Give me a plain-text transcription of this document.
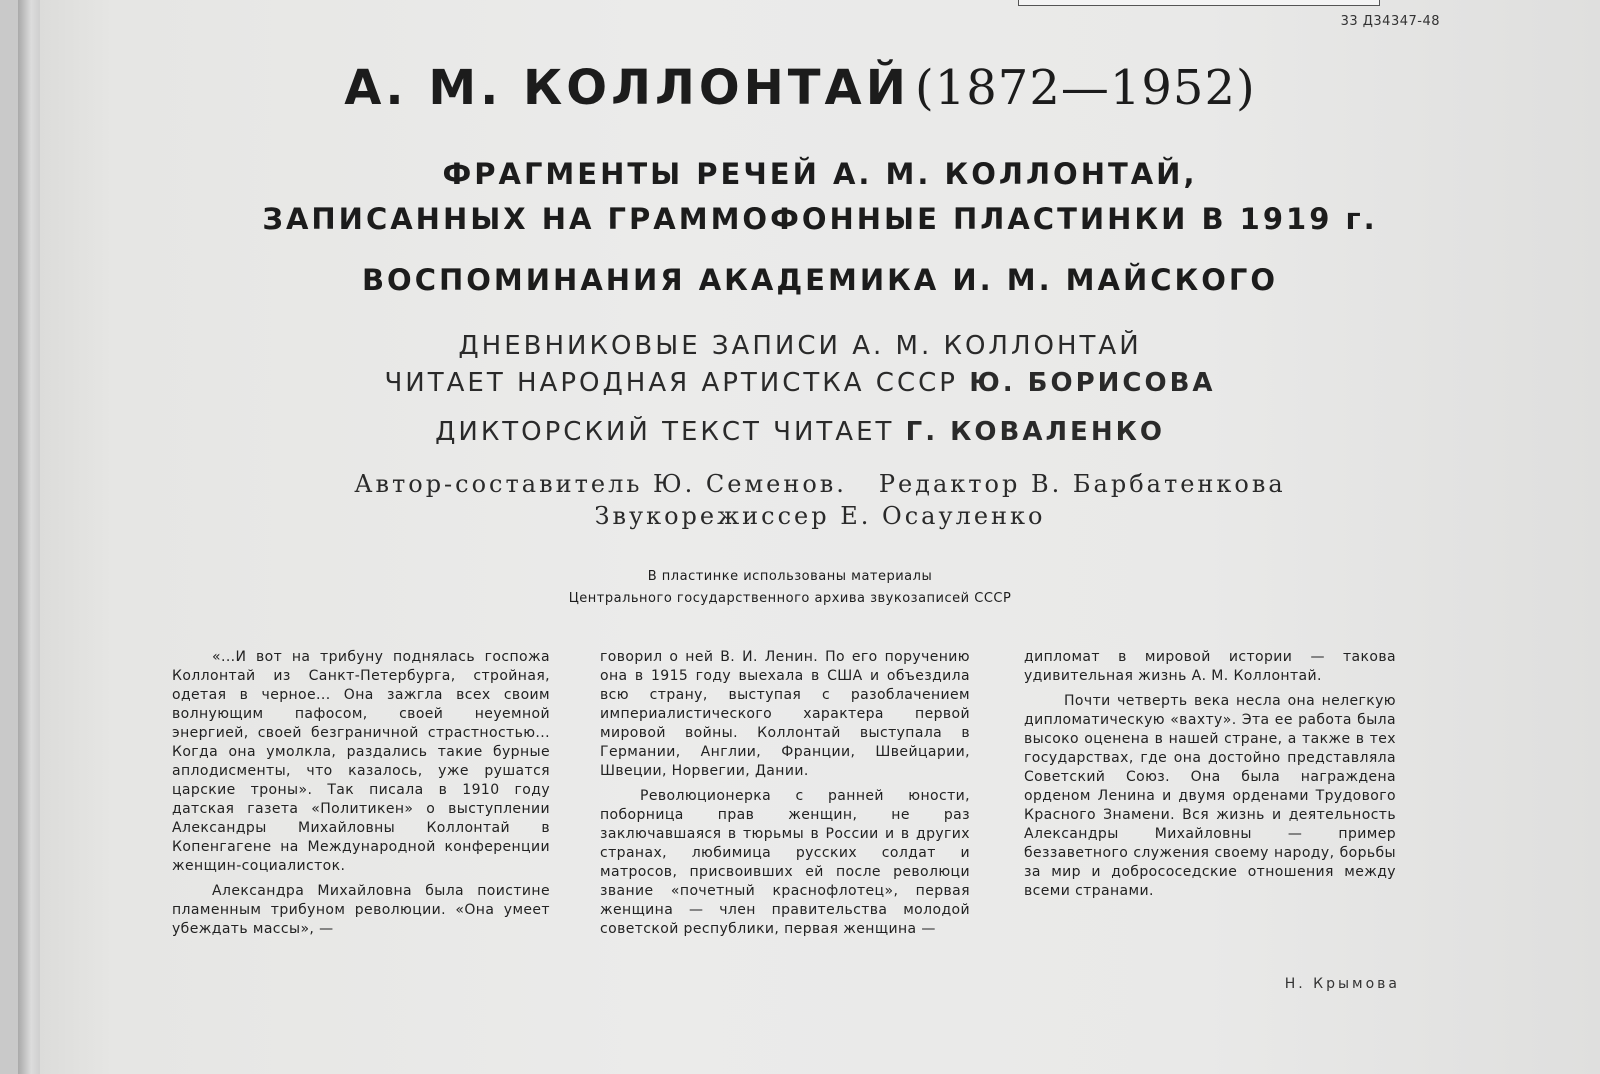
33 Д34347-48
А. М. КОЛЛОНТАЙ (1872—1952)
ФРАГМЕНТЫ РЕЧЕЙ А. М. КОЛЛОНТАЙ,
ЗАПИСАННЫХ НА ГРАММОФОННЫЕ ПЛАСТИНКИ В 1919 г.
ВОСПОМИНАНИЯ АКАДЕМИКА И. М. МАЙСКОГО
ДНЕВНИКОВЫЕ ЗАПИСИ А. М. КОЛЛОНТАЙ
ЧИТАЕТ НАРОДНАЯ АРТИСТКА СССР Ю. БОРИСОВА
ДИКТОРСКИЙ ТЕКСТ ЧИТАЕТ Г. КОВАЛЕНКО
Автор-составитель Ю. Семенов. Редактор В. Барбатенкова
Звукорежиссер Е. Осауленко
В пластинке использованы материалы
Центрального государственного архива звукозаписей СССР

«...И вот на трибуну поднялась госпожа Коллонтай из Санкт-Петербурга, стройная, одетая в черное... Она зажгла всех своим волнующим пафосом, своей неуемной энергией, своей безграничной страстностью... Когда она умолкла, раздались такие бурные аплодисменты, что казалось, уже рушатся царские троны». Так писала в 1910 году датская газета «Политикен» о выступлении Александры Михайловны Коллонтай в Копенгагене на Международной конференции женщин-социалисток.

Александра Михайловна была поистине пламенным трибуном революции. «Она умеет убеждать массы», —

говорил о ней В. И. Ленин. По его поручению она в 1915 году выехала в США и объездила всю страну, выступая с разоблачением империалистического характера первой мировой войны. Коллонтай выступала в Германии, Англии, Франции, Швейцарии, Швеции, Норвегии, Дании.

Революционерка с ранней юности, поборница прав женщин, не раз заключавшаяся в тюрьмы в России и в других странах, любимица русских солдат и матросов, присвоивших ей после революци звание «почетный краснофлотец», первая женщина — член правительства молодой советской республики, первая женщина —

дипломат в мировой истории — такова удивительная жизнь А. М. Коллонтай.

Почти четверть века несла она нелегкую дипломатическую «вахту». Эта ее работа была высоко оценена в нашей стране, а также в тех государствах, где она достойно представляла Советский Союз. Она была награждена орденом Ленина и двумя орденами Трудового Красного Знамени. Вся жизнь и деятельность Александры Михайловны — пример беззаветного служения своему народу, борьбы за мир и добрососедские отношения между всеми странами.

Н. Крымова
